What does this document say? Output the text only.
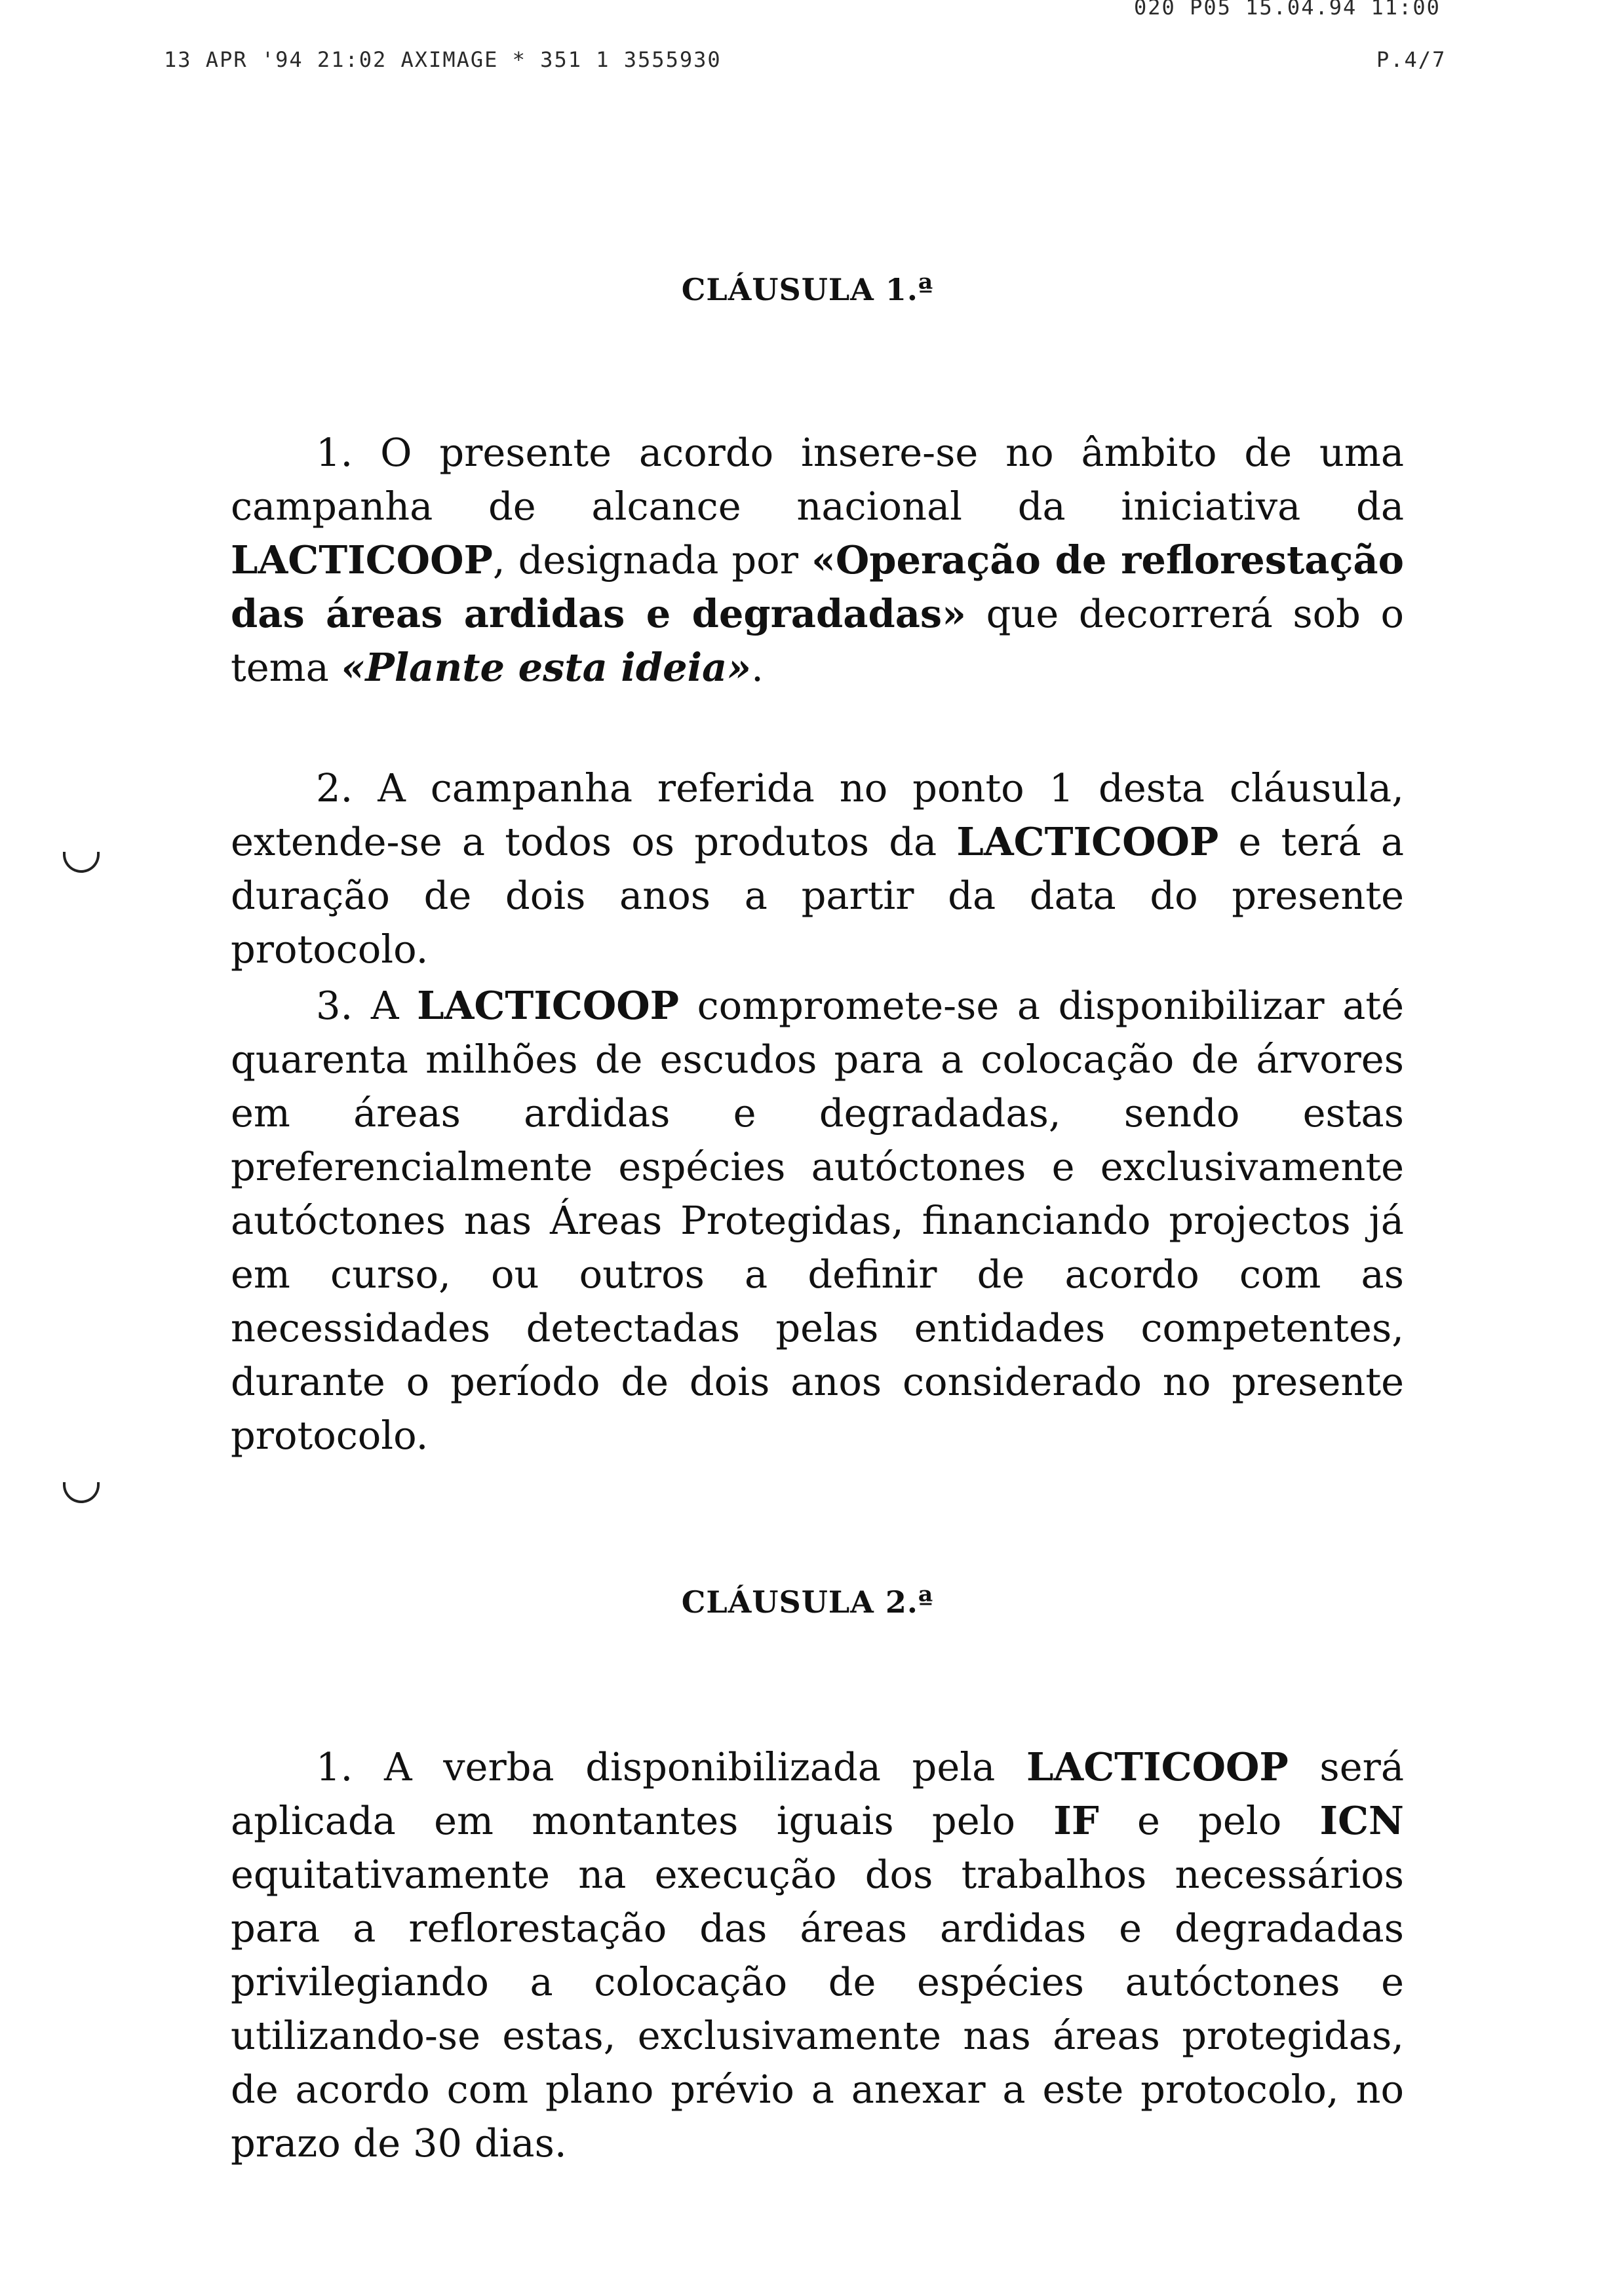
020 P05 15.04.94 11:00
13 APR '94 21:02 AXIMAGE * 351 1 3555930	P.4/7
CLÁUSULA 1.ª

1. O presente acordo insere-se no âmbito de uma campanha de alcance nacional da iniciativa da LACTICOOP, designada por «Operação de reflorestação das áreas ardidas e degradadas» que decorrerá sob o tema «Plante esta ideia».

2. A campanha referida no ponto 1 desta cláusula, extende-se a todos os produtos da LACTICOOP e terá a duração de dois anos a partir da data do presente protocolo.

3. A LACTICOOP compromete-se a disponibilizar até quarenta milhões de escudos para a colocação de árvores em áreas ardidas e degradadas, sendo estas preferencialmente espécies autóctones e exclusivamente autóctones nas Áreas Protegidas, financiando projectos já em curso, ou outros a definir de acordo com as necessidades detectadas pelas entidades competentes, durante o período de dois anos considerado no presente protocolo.

CLÁUSULA 2.ª

1. A verba disponibilizada pela LACTICOOP será aplicada em montantes iguais pelo IF e pelo ICN equitativamente na execução dos trabalhos necessários para a reflorestação das áreas ardidas e degradadas privilegiando a colocação de espécies autóctones e utilizando-se estas, exclusivamente nas áreas protegidas, de acordo com plano prévio a anexar a este protocolo, no prazo de 30 dias.
